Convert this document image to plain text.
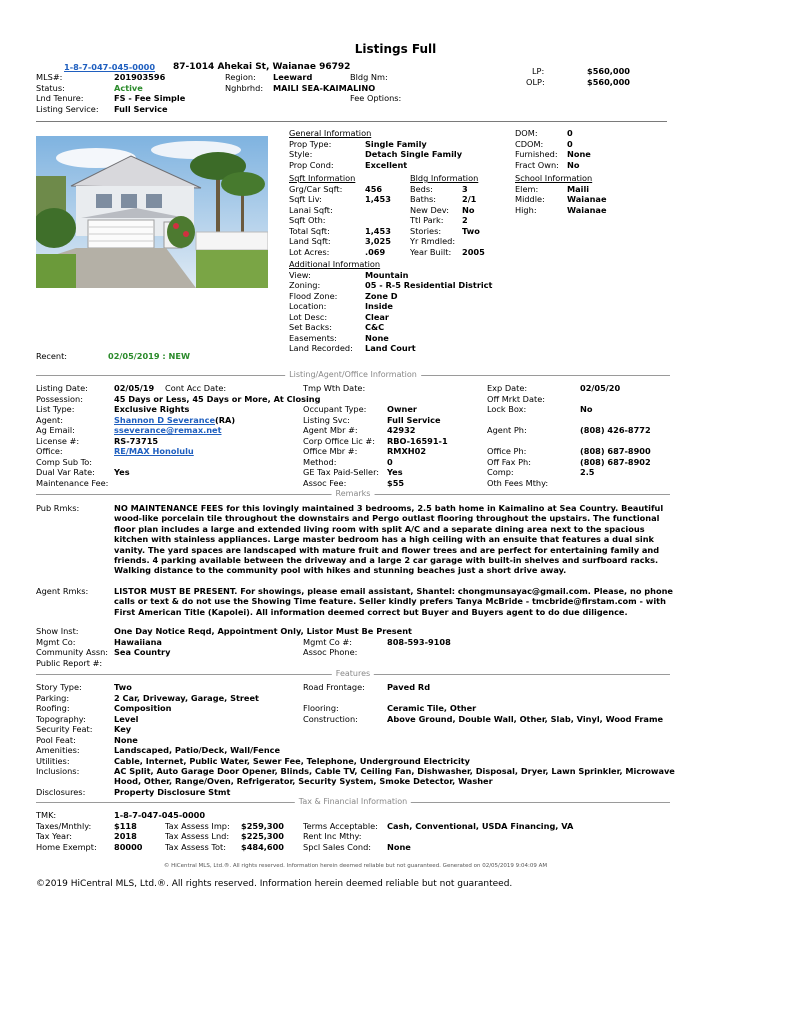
Listings Full
1-8-7-047-045-0000 87-1014 Ahekai St, Waianae 96792
MLS#:	201903596	Region: Leeward	Bldg Nm:
Status:	Active	Nghbrhd: MAILI SEA-KAIMALINO
Lnd Tenure:	FS - Fee Simple	Fee Options:
Listing Service: Full Service
LP:	$560,000
OLP:	$560,000
General Information
Prop Type:	Single Family
Style:	Detach Single Family
Prop Cond:	Excellent
Sqft Information
Grg/Car Sqft:	456
Sqft Liv:	1,453
Lanai Sqft:
Sqft Oth:
Total Sqft:	1,453
Land Sqft:	3,025
Lot Acres:	.069
Bldg Information
Beds:	3
Baths:	2/1
New Dev: No
Ttl Park: 2
Stories:	Two
Yr Rmdled:
Year Built: 2005
DOM:	0
CDOM:	0
Furnished: None
Fract Own: No
School Information
Elem:	Maili
Middle:	Waianae
High:	Waianae
Additional Information
View:	Mountain
Zoning:	05 - R-5 Residential District
Flood Zone:	Zone D
Location:	Inside
Lot Desc:	Clear
Set Backs:	C&C
Easements:	None
Land Recorded: Land Court
Recent:	02/05/2019 : NEW
Listing/Agent/Office Information
Listing Date:	02/05/19 Cont Acc Date:	Tmp Wth Date:	Exp Date:	02/05/20
Possession:	45 Days or Less, 45 Days or More, At Closing	Off Mrkt Date:
List Type:	Exclusive Rights	Occupant Type:	Owner	Lock Box:	No
Agent:	Shannon D Severance(RA)	Listing Svc:	Full Service
Ag Email:	sseverance@remax.net	Agent Mbr #:	42932	Agent Ph:	(808) 426-8772
License #:	RS-73715	Corp Office Lic #: RBO-16591-1
Office:	RE/MAX Honolulu	Office Mbr #:	RMXH02	Office Ph:	(808) 687-8900
Comp Sub To:	Method:	0	Off Fax Ph:	(808) 687-8902
Dual Var Rate: Yes	GE Tax Paid-Seller: Yes	Comp:	2.5
Maintenance Fee:	Assoc Fee:	$55	Oth Fees Mthy:
Remarks
Pub Rmks:	NO MAINTENANCE FEES for this lovingly maintained 3 bedrooms, 2.5 bath home in Kaimalino at Sea Country. Beautiful wood-like porcelain tile throughout the downstairs and Pergo outlast flooring throughout the upstairs. The functional floor plan includes a large and extended living room with split A/C and a separate dining area next to the spacious kitchen with stainless appliances. Large master bedroom has a high ceiling with an ensuite that features a dual sink vanity. The yard spaces are landscaped with mature fruit and flower trees and are perfect for entertaining family and friends. 4 parking available between the driveway and a large 2 car garage with built-in shelves and surfboard racks. Walking distance to the community pool with hikes and stunning beaches just a short drive away.
Agent Rmks:	LISTOR MUST BE PRESENT. For showings, please email assistant, Shantel: chongmunsayac@gmail.com. Please, no phone calls or text & do not use the Showing Time feature. Seller kindly prefers Tanya McBride - tmcbride@firstam.com - with First American Title (Kapolei). All information deemed correct but Buyer and Buyers agent to do due diligence.
Show Inst:	One Day Notice Reqd, Appointment Only, Listor Must Be Present
Mgmt Co:	Hawaiiana	Mgmt Co #:	808-593-9108
Community Assn: Sea Country	Assoc Phone:
Public Report #:
Features
Story Type:	Two	Road Frontage:	Paved Rd
Parking:	2 Car, Driveway, Garage, Street
Roofing:	Composition	Flooring:	Ceramic Tile, Other
Topography:	Level	Construction:	Above Ground, Double Wall, Other, Slab, Vinyl, Wood Frame
Security Feat:	Key
Pool Feat:	None
Amenities:	Landscaped, Patio/Deck, Wall/Fence
Utilities:	Cable, Internet, Public Water, Sewer Fee, Telephone, Underground Electricity
Inclusions:	AC Split, Auto Garage Door Opener, Blinds, Cable TV, Ceiling Fan, Dishwasher, Disposal, Dryer, Lawn Sprinkler, Microwave Hood, Other, Range/Oven, Refrigerator, Security System, Smoke Detector, Washer
Disclosures:	Property Disclosure Stmt
Tax & Financial Information
TMK:	1-8-7-047-045-0000
Taxes/Mnthly:	$118	Tax Assess Imp: $259,300 Terms Acceptable: Cash, Conventional, USDA Financing, VA
Tax Year:	2018	Tax Assess Lnd: $225,300 Rent Inc Mthy:
Home Exempt: 80000	Tax Assess Tot: $484,600 Spcl Sales Cond: None
© HiCentral MLS, Ltd.®. All rights reserved. Information herein deemed reliable but not guaranteed. Generated on 02/05/2019 9:04:09 AM
©2019 HiCentral MLS, Ltd.®. All rights reserved. Information herein deemed reliable but not guaranteed.
